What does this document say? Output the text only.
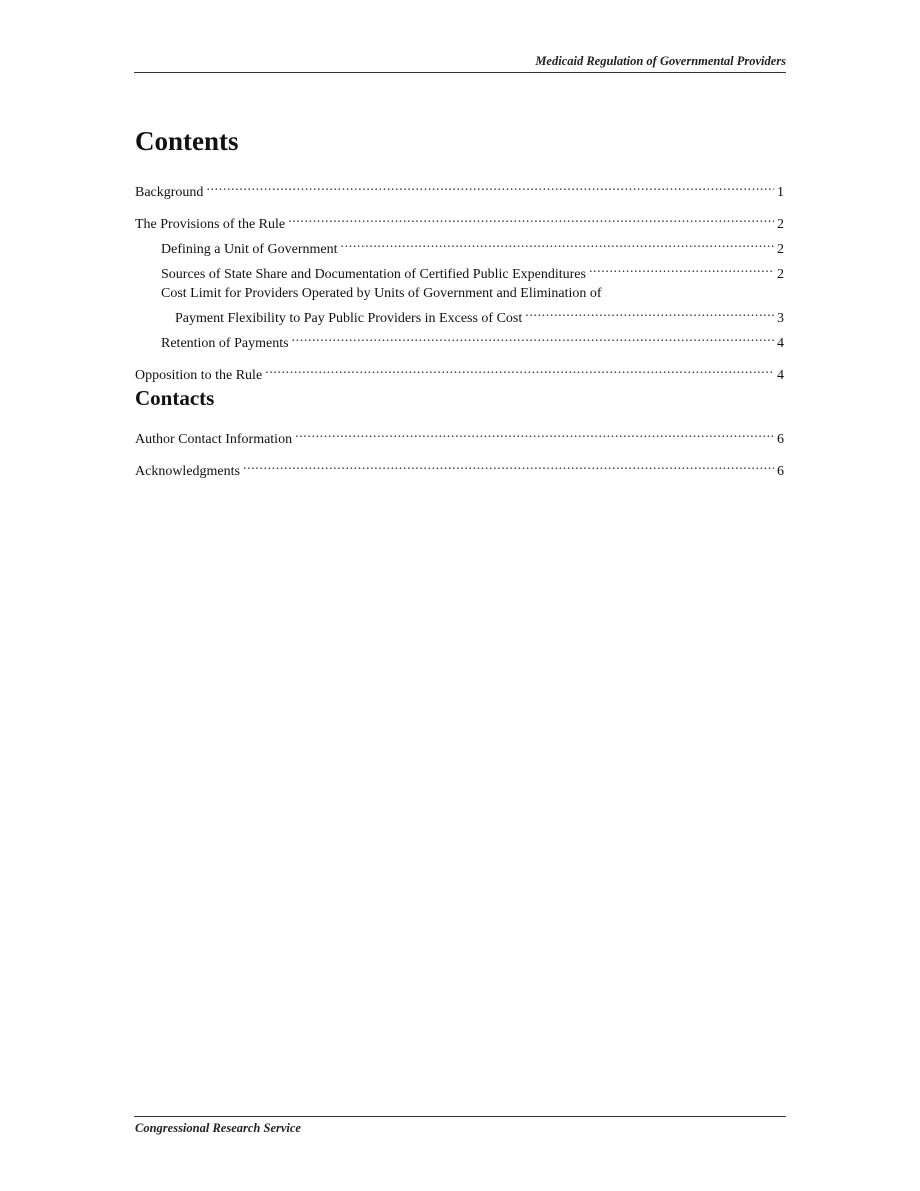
Medicaid Regulation of Governmental Providers
Contents
Background .....	1
The Provisions of the Rule .....	2
Defining a Unit of Government .....	2
Sources of State Share and Documentation of Certified Public Expenditures .....	2
Cost Limit for Providers Operated by Units of Government and Elimination of
Payment Flexibility to Pay Public Providers in Excess of Cost .....	3
Retention of Payments .....	4
Opposition to the Rule .....	4
Contacts
Author Contact Information .....	6
Acknowledgments .....	6
Congressional Research Service
